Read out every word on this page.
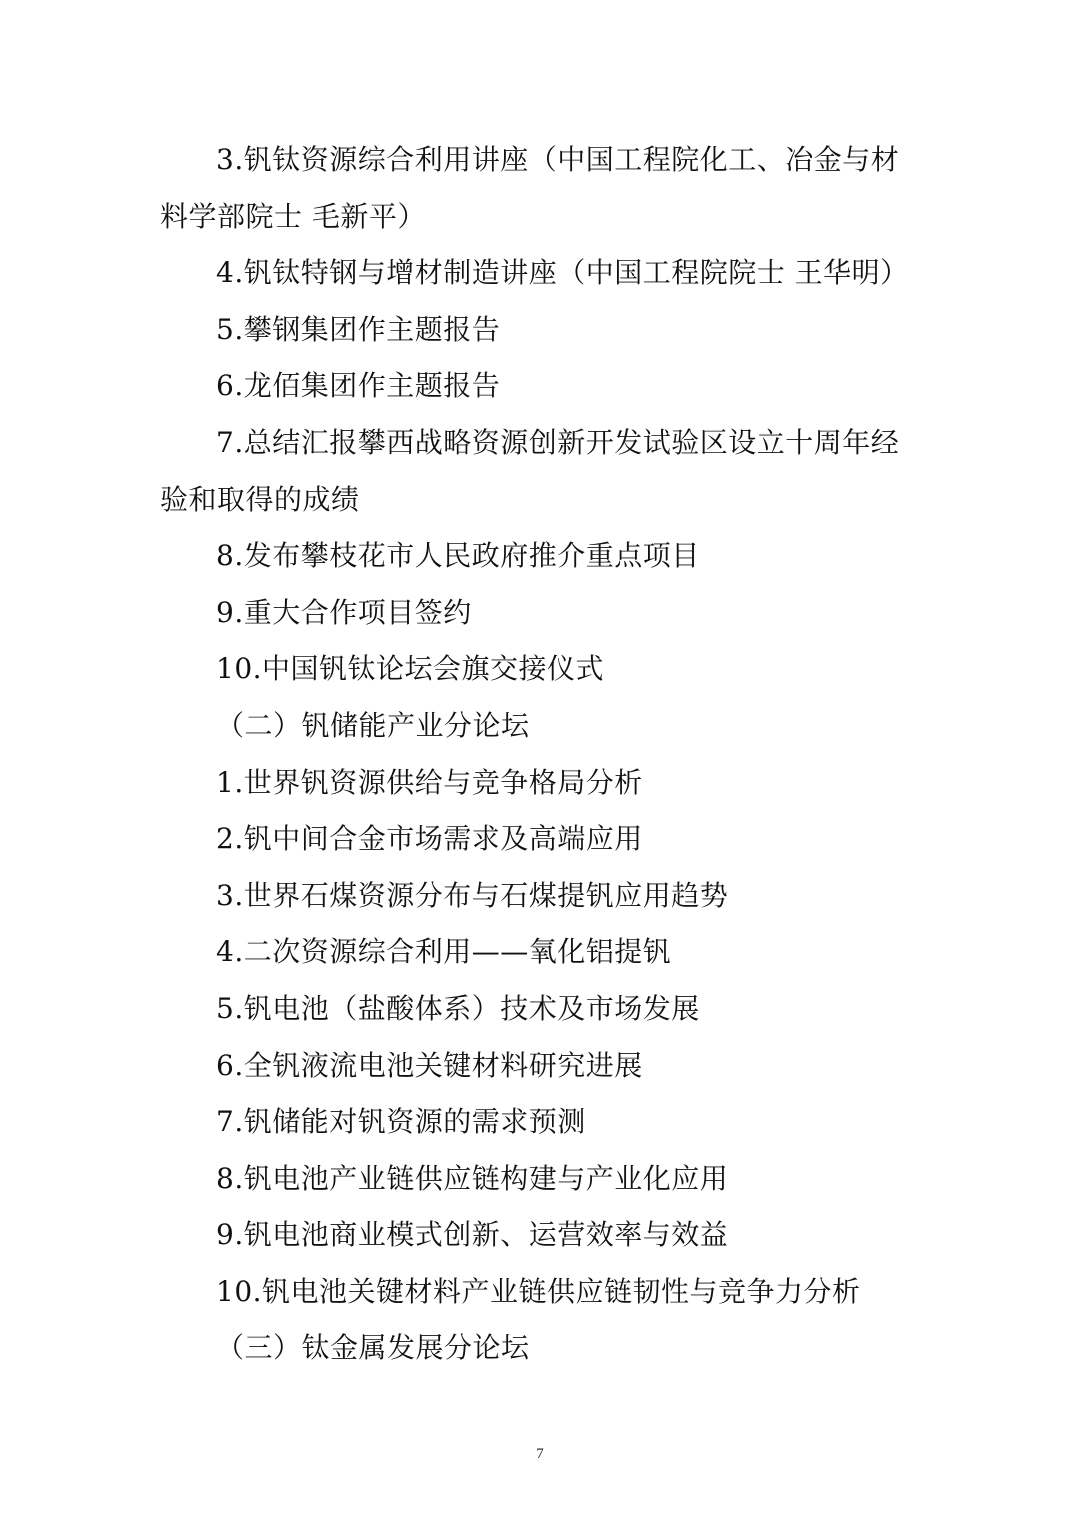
3.钒钛资源综合利用讲座（中国工程院化工、冶金与材料学部院士 毛新平）

4.钒钛特钢与增材制造讲座（中国工程院院士 王华明）

5.攀钢集团作主题报告

6.龙佰集团作主题报告

7.总结汇报攀西战略资源创新开发试验区设立十周年经验和取得的成绩

8.发布攀枝花市人民政府推介重点项目

9.重大合作项目签约

10.中国钒钛论坛会旗交接仪式

（二）钒储能产业分论坛

1.世界钒资源供给与竞争格局分析

2.钒中间合金市场需求及高端应用

3.世界石煤资源分布与石煤提钒应用趋势

4.二次资源综合利用——氧化铝提钒

5.钒电池（盐酸体系）技术及市场发展

6.全钒液流电池关键材料研究进展

7.钒储能对钒资源的需求预测

8.钒电池产业链供应链构建与产业化应用

9.钒电池商业模式创新、运营效率与效益

10.钒电池关键材料产业链供应链韧性与竞争力分析

（三）钛金属发展分论坛

7
